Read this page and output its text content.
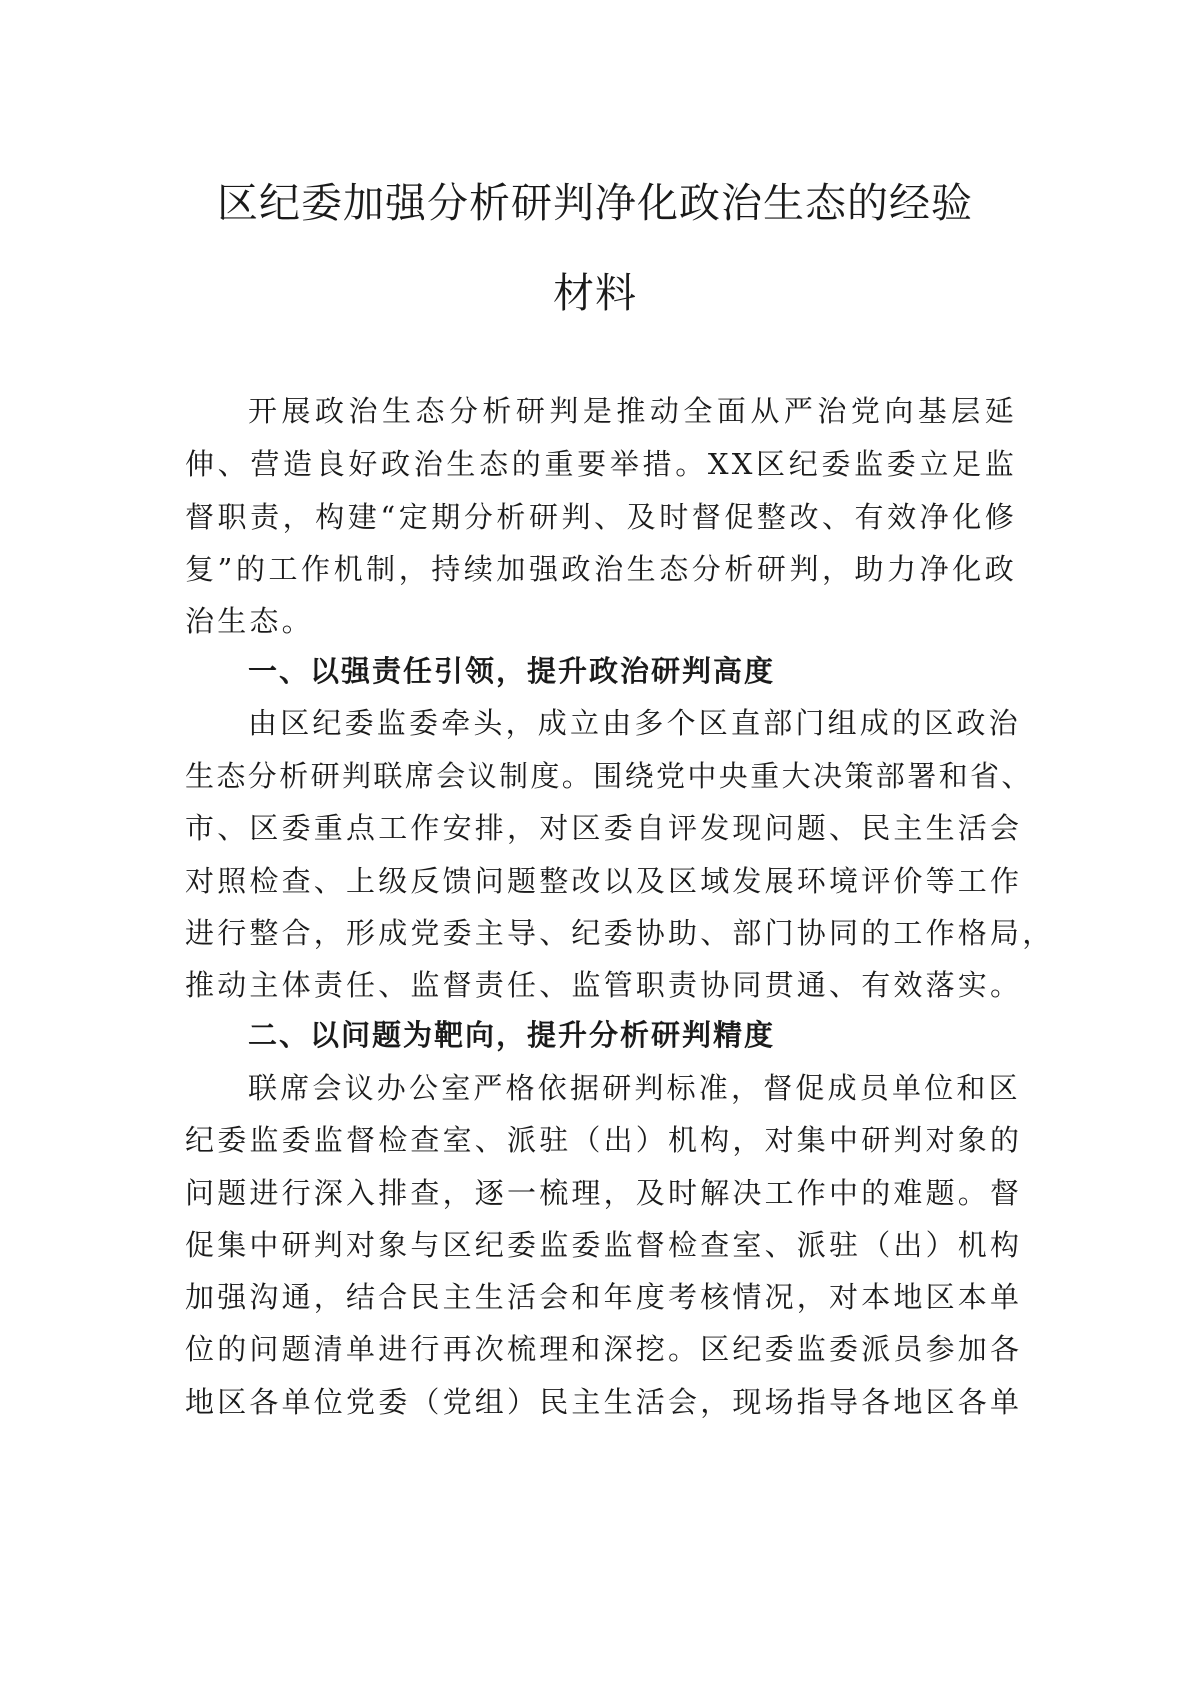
区纪委加强分析研判净化政治生态的经验
材料
开展政治生态分析研判是推动全面从严治党向基层延
伸、营造良好政治生态的重要举措。XX区纪委监委立足监
督职责，构建“定期分析研判、及时督促整改、有效净化修
复”的工作机制，持续加强政治生态分析研判，助力净化政
治生态。
一、以强责任引领，提升政治研判高度
由区纪委监委牵头，成立由多个区直部门组成的区政治
生态分析研判联席会议制度。围绕党中央重大决策部署和省、
市、区委重点工作安排，对区委自评发现问题、民主生活会
对照检查、上级反馈问题整改以及区域发展环境评价等工作
进行整合，形成党委主导、纪委协助、部门协同的工作格局，
推动主体责任、监督责任、监管职责协同贯通、有效落实。
二、以问题为靶向，提升分析研判精度
联席会议办公室严格依据研判标准，督促成员单位和区
纪委监委监督检查室、派驻（出）机构，对集中研判对象的
问题进行深入排查，逐一梳理，及时解决工作中的难题。督
促集中研判对象与区纪委监委监督检查室、派驻（出）机构
加强沟通，结合民主生活会和年度考核情况，对本地区本单
位的问题清单进行再次梳理和深挖。区纪委监委派员参加各
地区各单位党委（党组）民主生活会，现场指导各地区各单
